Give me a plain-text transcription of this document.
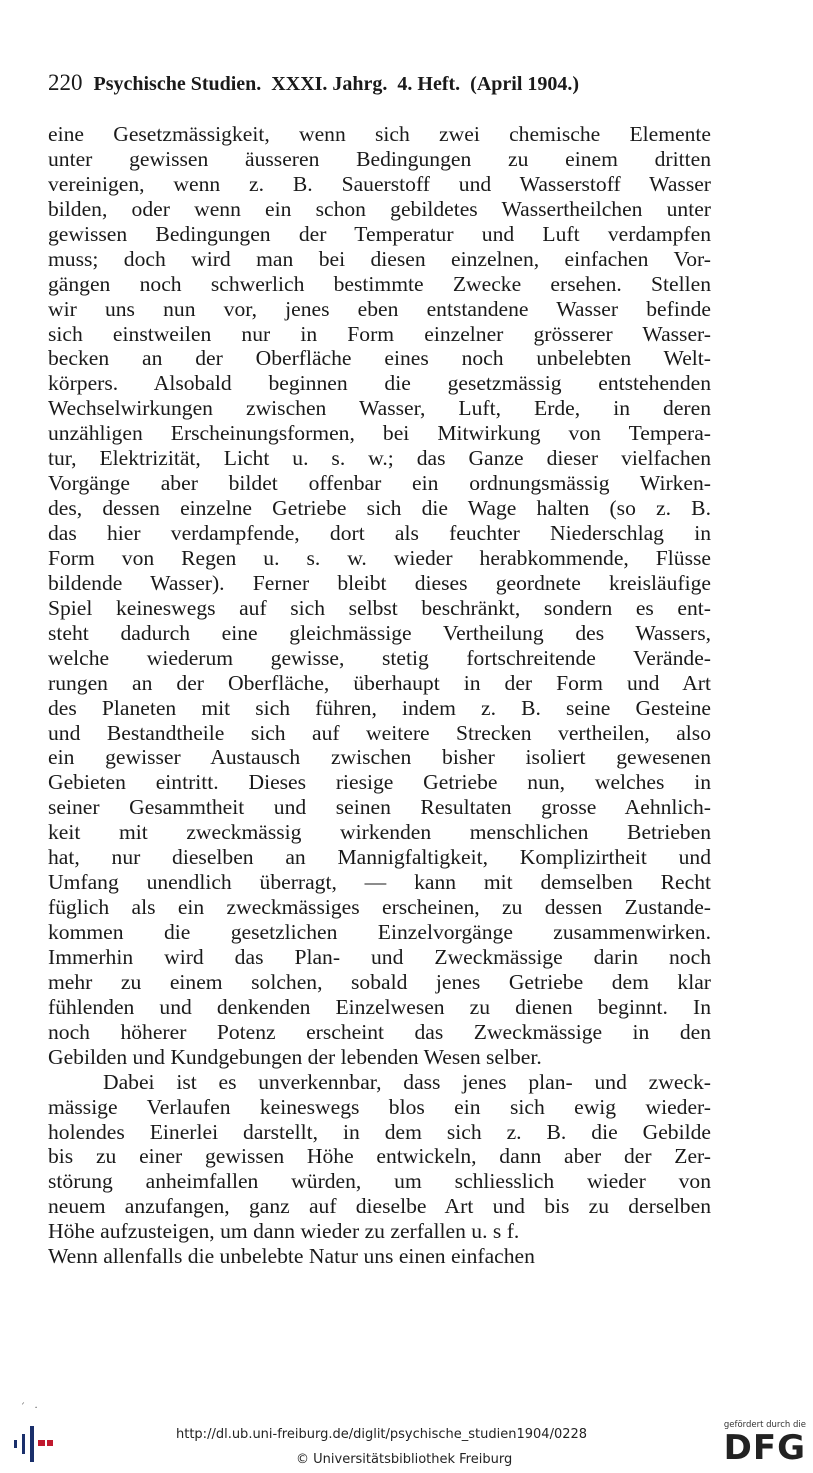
220 Psychische Studien.  XXXI. Jahrg.  4. Heft.  (April 1904.)
eine Gesetzmässigkeit, wenn sich zwei chemische Elemente
unter gewissen äusseren Bedingungen zu einem dritten
vereinigen, wenn z. B. Sauerstoff und Wasserstoff Wasser
bilden, oder wenn ein schon gebildetes Wassertheilchen unter
gewissen Bedingungen der Temperatur und Luft verdampfen
muss; doch wird man bei diesen einzelnen, einfachen Vor-
gängen noch schwerlich bestimmte Zwecke ersehen. Stellen
wir uns nun vor, jenes eben entstandene Wasser befinde
sich einstweilen nur in Form einzelner grösserer Wasser-
becken an der Oberfläche eines noch unbelebten Welt-
körpers. Alsobald beginnen die gesetzmässig entstehenden
Wechselwirkungen zwischen Wasser, Luft, Erde, in deren
unzähligen Erscheinungsformen, bei Mitwirkung von Tempera-
tur, Elektrizität, Licht u. s. w.; das Ganze dieser vielfachen
Vorgänge aber bildet offenbar ein ordnungsmässig Wirken-
des, dessen einzelne Getriebe sich die Wage halten (so z. B.
das hier verdampfende, dort als feuchter Niederschlag in
Form von Regen u. s. w. wieder herabkommende, Flüsse
bildende Wasser). Ferner bleibt dieses geordnete kreisläufige
Spiel keineswegs auf sich selbst beschränkt, sondern es ent-
steht dadurch eine gleichmässige Vertheilung des Wassers,
welche wiederum gewisse, stetig fortschreitende Verände-
rungen an der Oberfläche, überhaupt in der Form und Art
des Planeten mit sich führen, indem z. B. seine Gesteine
und Bestandtheile sich auf weitere Strecken vertheilen, also
ein gewisser Austausch zwischen bisher isoliert gewesenen
Gebieten eintritt. Dieses riesige Getriebe nun, welches in
seiner Gesammtheit und seinen Resultaten grosse Aehnlich-
keit mit zweckmässig wirkenden menschlichen Betrieben
hat, nur dieselben an Mannigfaltigkeit, Komplizirtheit und
Umfang unendlich überragt, — kann mit demselben Recht
füglich als ein zweckmässiges erscheinen, zu dessen Zustande-
kommen die gesetzlichen Einzelvorgänge zusammenwirken.
Immerhin wird das Plan- und Zweckmässige darin noch
mehr zu einem solchen, sobald jenes Getriebe dem klar
fühlenden und denkenden Einzelwesen zu dienen beginnt. In
noch höherer Potenz erscheint das Zweckmässige in den
Gebilden und Kundgebungen der lebenden Wesen selber.
Dabei ist es unverkennbar, dass jenes plan- und zweck-
mässige Verlaufen keineswegs blos ein sich ewig wieder-
holendes Einerlei darstellt, in dem sich z. B. die Gebilde
bis zu einer gewissen Höhe entwickeln, dann aber der Zer-
störung anheimfallen würden, um schliesslich wieder von
neuem anzufangen, ganz auf dieselbe Art und bis zu derselben
Höhe aufzusteigen, um dann wieder zu zerfallen u. s f.
Wenn allenfalls die unbelebte Natur uns einen einfachen
´   ·
http://dl.ub.uni-freiburg.de/diglit/psychische_studien1904/0228
© Universitätsbibliothek Freiburg
gefördert durch die
DFG
